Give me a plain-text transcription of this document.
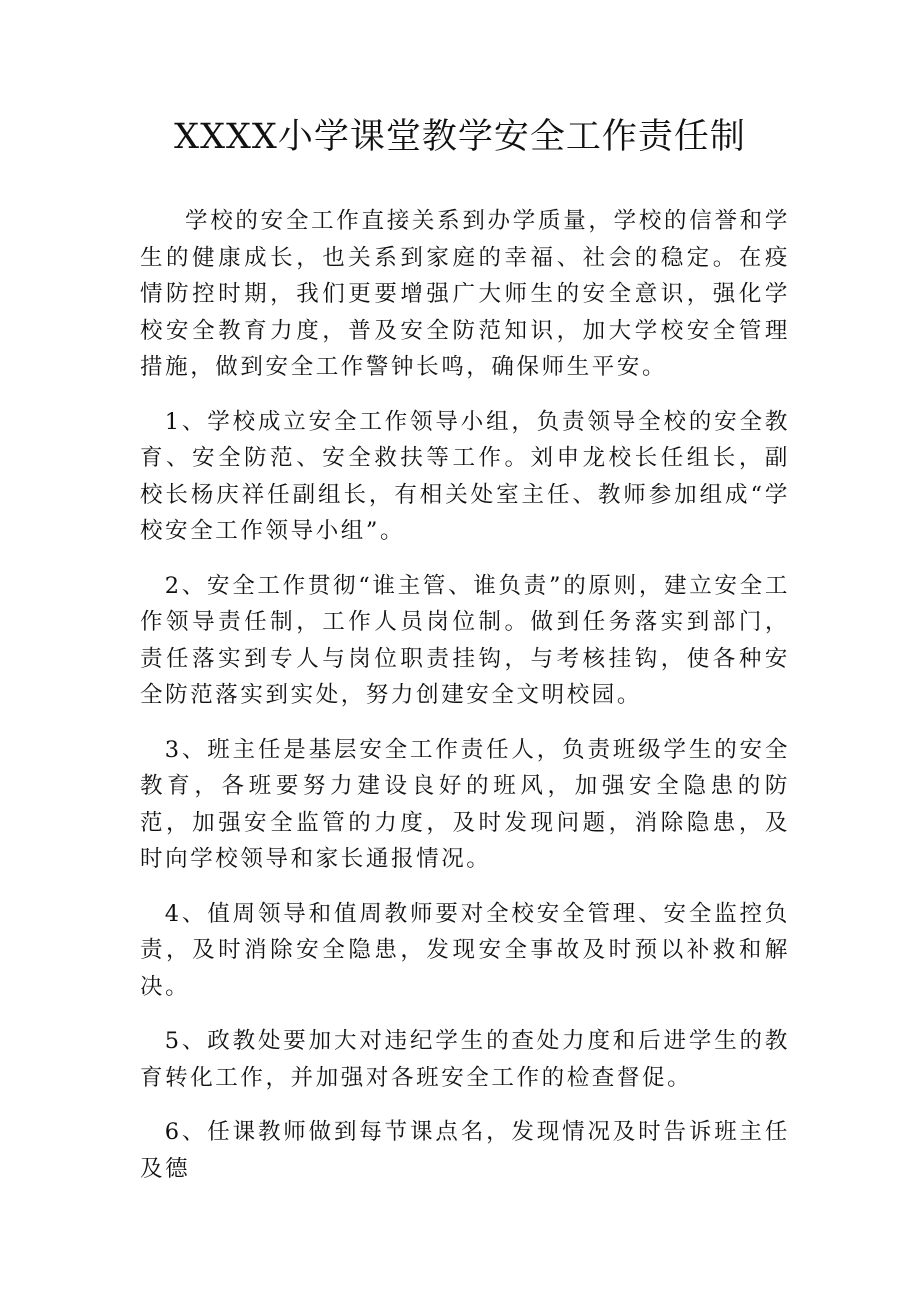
XXXX小学课堂教学安全工作责任制

学校的安全工作直接关系到办学质量，学校的信誉和学生的健康成长，也关系到家庭的幸福、社会的稳定。在疫情防控时期，我们更要增强广大师生的安全意识，强化学校安全教育力度，普及安全防范知识，加大学校安全管理措施，做到安全工作警钟长鸣，确保师生平安。

1、学校成立安全工作领导小组，负责领导全校的安全教育、安全防范、安全救扶等工作。刘申龙校长任组长，副校长杨庆祥任副组长，有相关处室主任、教师参加组成“学校安全工作领导小组”。

2、安全工作贯彻“谁主管、谁负责”的原则，建立安全工作领导责任制，工作人员岗位制。做到任务落实到部门，责任落实到专人与岗位职责挂钩，与考核挂钩，使各种安全防范落实到实处，努力创建安全文明校园。

3、班主任是基层安全工作责任人，负责班级学生的安全教育，各班要努力建设良好的班风，加强安全隐患的防范，加强安全监管的力度，及时发现问题，消除隐患，及时向学校领导和家长通报情况。

4、值周领导和值周教师要对全校安全管理、安全监控负责，及时消除安全隐患，发现安全事故及时预以补救和解决。

5、政教处要加大对违纪学生的查处力度和后进学生的教育转化工作，并加强对各班安全工作的检查督促。

6、任课教师做到每节课点名，发现情况及时告诉班主任及德
